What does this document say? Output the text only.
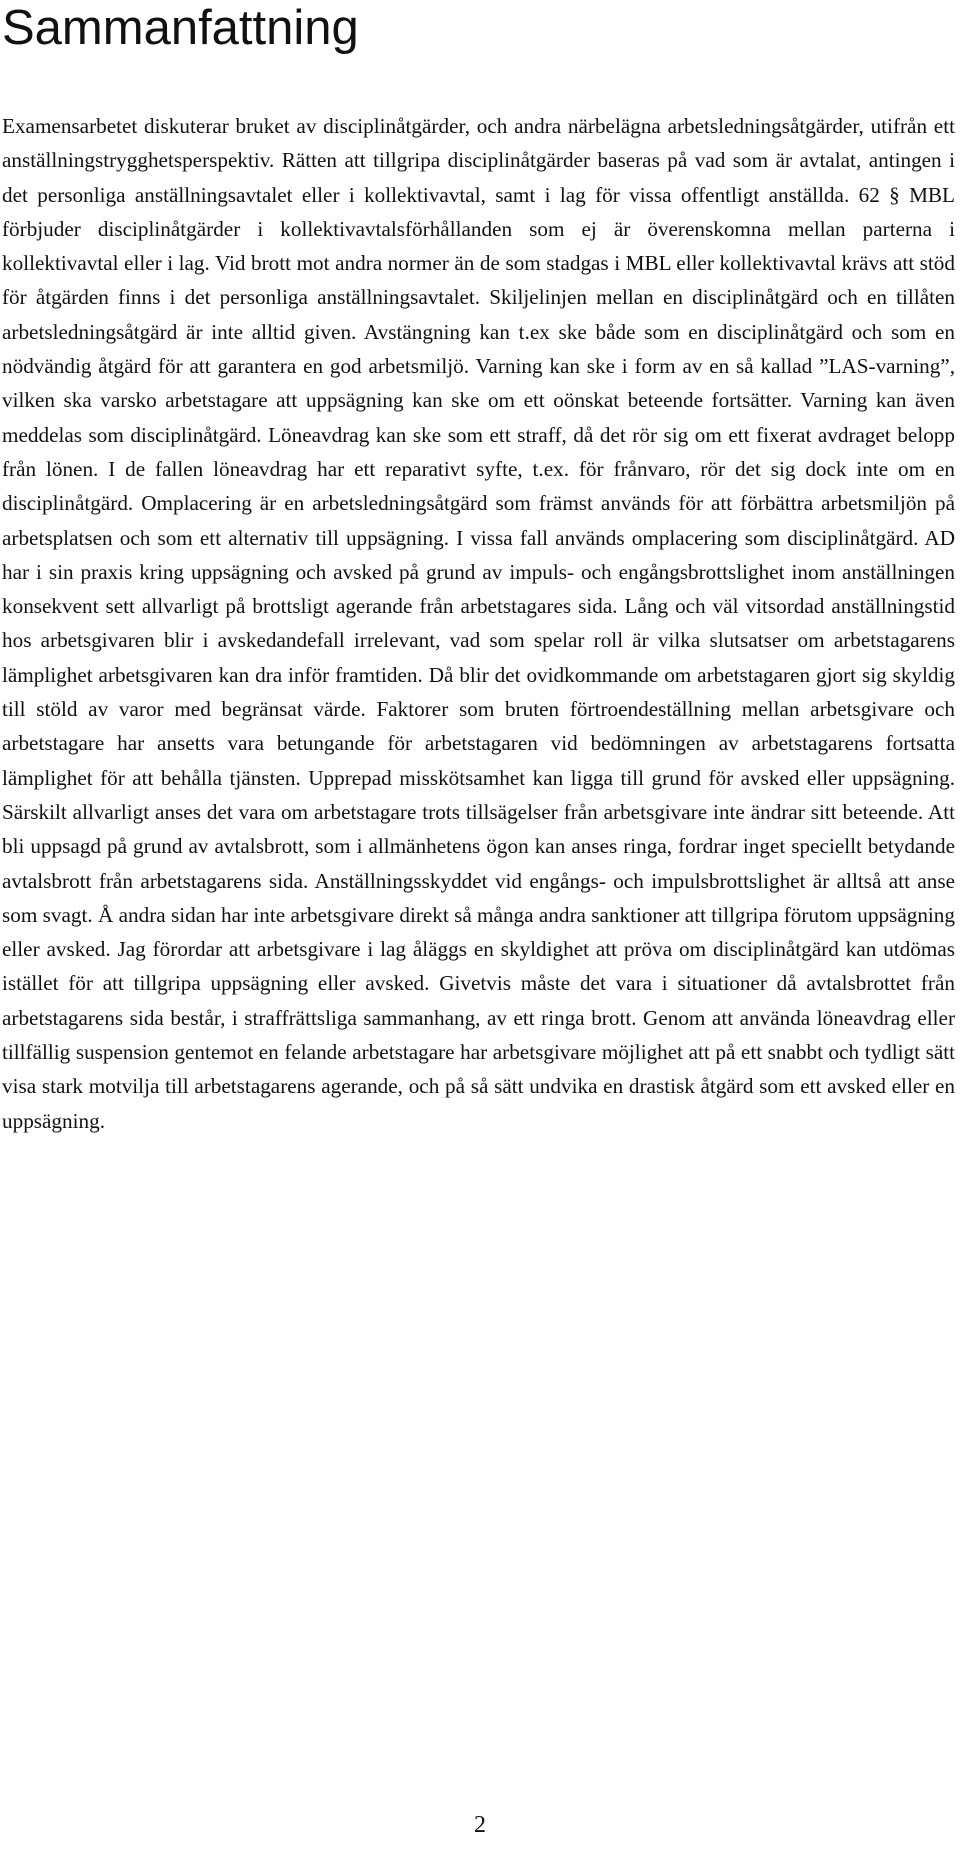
Sammanfattning

Examensarbetet diskuterar bruket av disciplinåtgärder, och andra närbelägna arbetsledningsåtgärder, utifrån ett anställningstrygghetsperspektiv. Rätten att tillgripa disciplinåtgärder baseras på vad som är avtalat, antingen i det personliga anställningsavtalet eller i kollektivavtal, samt i lag för vissa offentligt anställda. 62 § MBL förbjuder disciplinåtgärder i kollektivavtalsförhållanden som ej är överenskomna mellan parterna i kollektivavtal eller i lag. Vid brott mot andra normer än de som stadgas i MBL eller kollektivavtal krävs att stöd för åtgärden finns i det personliga anställningsavtalet. Skiljelinjen mellan en disciplinåtgärd och en tillåten arbetsledningsåtgärd är inte alltid given. Avstängning kan t.ex ske både som en disciplinåtgärd och som en nödvändig åtgärd för att garantera en god arbetsmiljö. Varning kan ske i form av en så kallad ”LAS-varning”, vilken ska varsko arbetstagare att uppsägning kan ske om ett oönskat beteende fortsätter. Varning kan även meddelas som disciplinåtgärd. Löneavdrag kan ske som ett straff, då det rör sig om ett fixerat avdraget belopp från lönen. I de fallen löneavdrag har ett reparativt syfte, t.ex. för frånvaro, rör det sig dock inte om en disciplinåtgärd. Omplacering är en arbetsledningsåtgärd som främst används för att förbättra arbetsmiljön på arbetsplatsen och som ett alternativ till uppsägning. I vissa fall används omplacering som disciplinåtgärd. AD har i sin praxis kring uppsägning och avsked på grund av impuls- och engångsbrottslighet inom anställningen konsekvent sett allvarligt på brottsligt agerande från arbetstagares sida. Lång och väl vitsordad anställningstid hos arbetsgivaren blir i avskedandefall irrelevant, vad som spelar roll är vilka slutsatser om arbetstagarens lämplighet arbetsgivaren kan dra inför framtiden. Då blir det ovidkommande om arbetstagaren gjort sig skyldig till stöld av varor med begränsat värde. Faktorer som bruten förtroendeställning mellan arbetsgivare och arbetstagare har ansetts vara betungande för arbetstagaren vid bedömningen av arbetstagarens fortsatta lämplighet för att behålla tjänsten. Upprepad misskötsamhet kan ligga till grund för avsked eller uppsägning. Särskilt allvarligt anses det vara om arbetstagare trots tillsägelser från arbetsgivare inte ändrar sitt beteende. Att bli uppsagd på grund av avtalsbrott, som i allmänhetens ögon kan anses ringa, fordrar inget speciellt betydande avtalsbrott från arbetstagarens sida. Anställningsskyddet vid engångs- och impulsbrottslighet är alltså att anse som svagt. Å andra sidan har inte arbetsgivare direkt så många andra sanktioner att tillgripa förutom uppsägning eller avsked. Jag förordar att arbetsgivare i lag åläggs en skyldighet att pröva om disciplinåtgärd kan utdömas istället för att tillgripa uppsägning eller avsked. Givetvis måste det vara i situationer då avtalsbrottet från arbetstagarens sida består, i straffrättsliga sammanhang, av ett ringa brott. Genom att använda löneavdrag eller tillfällig suspension gentemot en felande arbetstagare har arbetsgivare möjlighet att på ett snabbt och tydligt sätt visa stark motvilja till arbetstagarens agerande, och på så sätt undvika en drastisk åtgärd som ett avsked eller en uppsägning.

2
